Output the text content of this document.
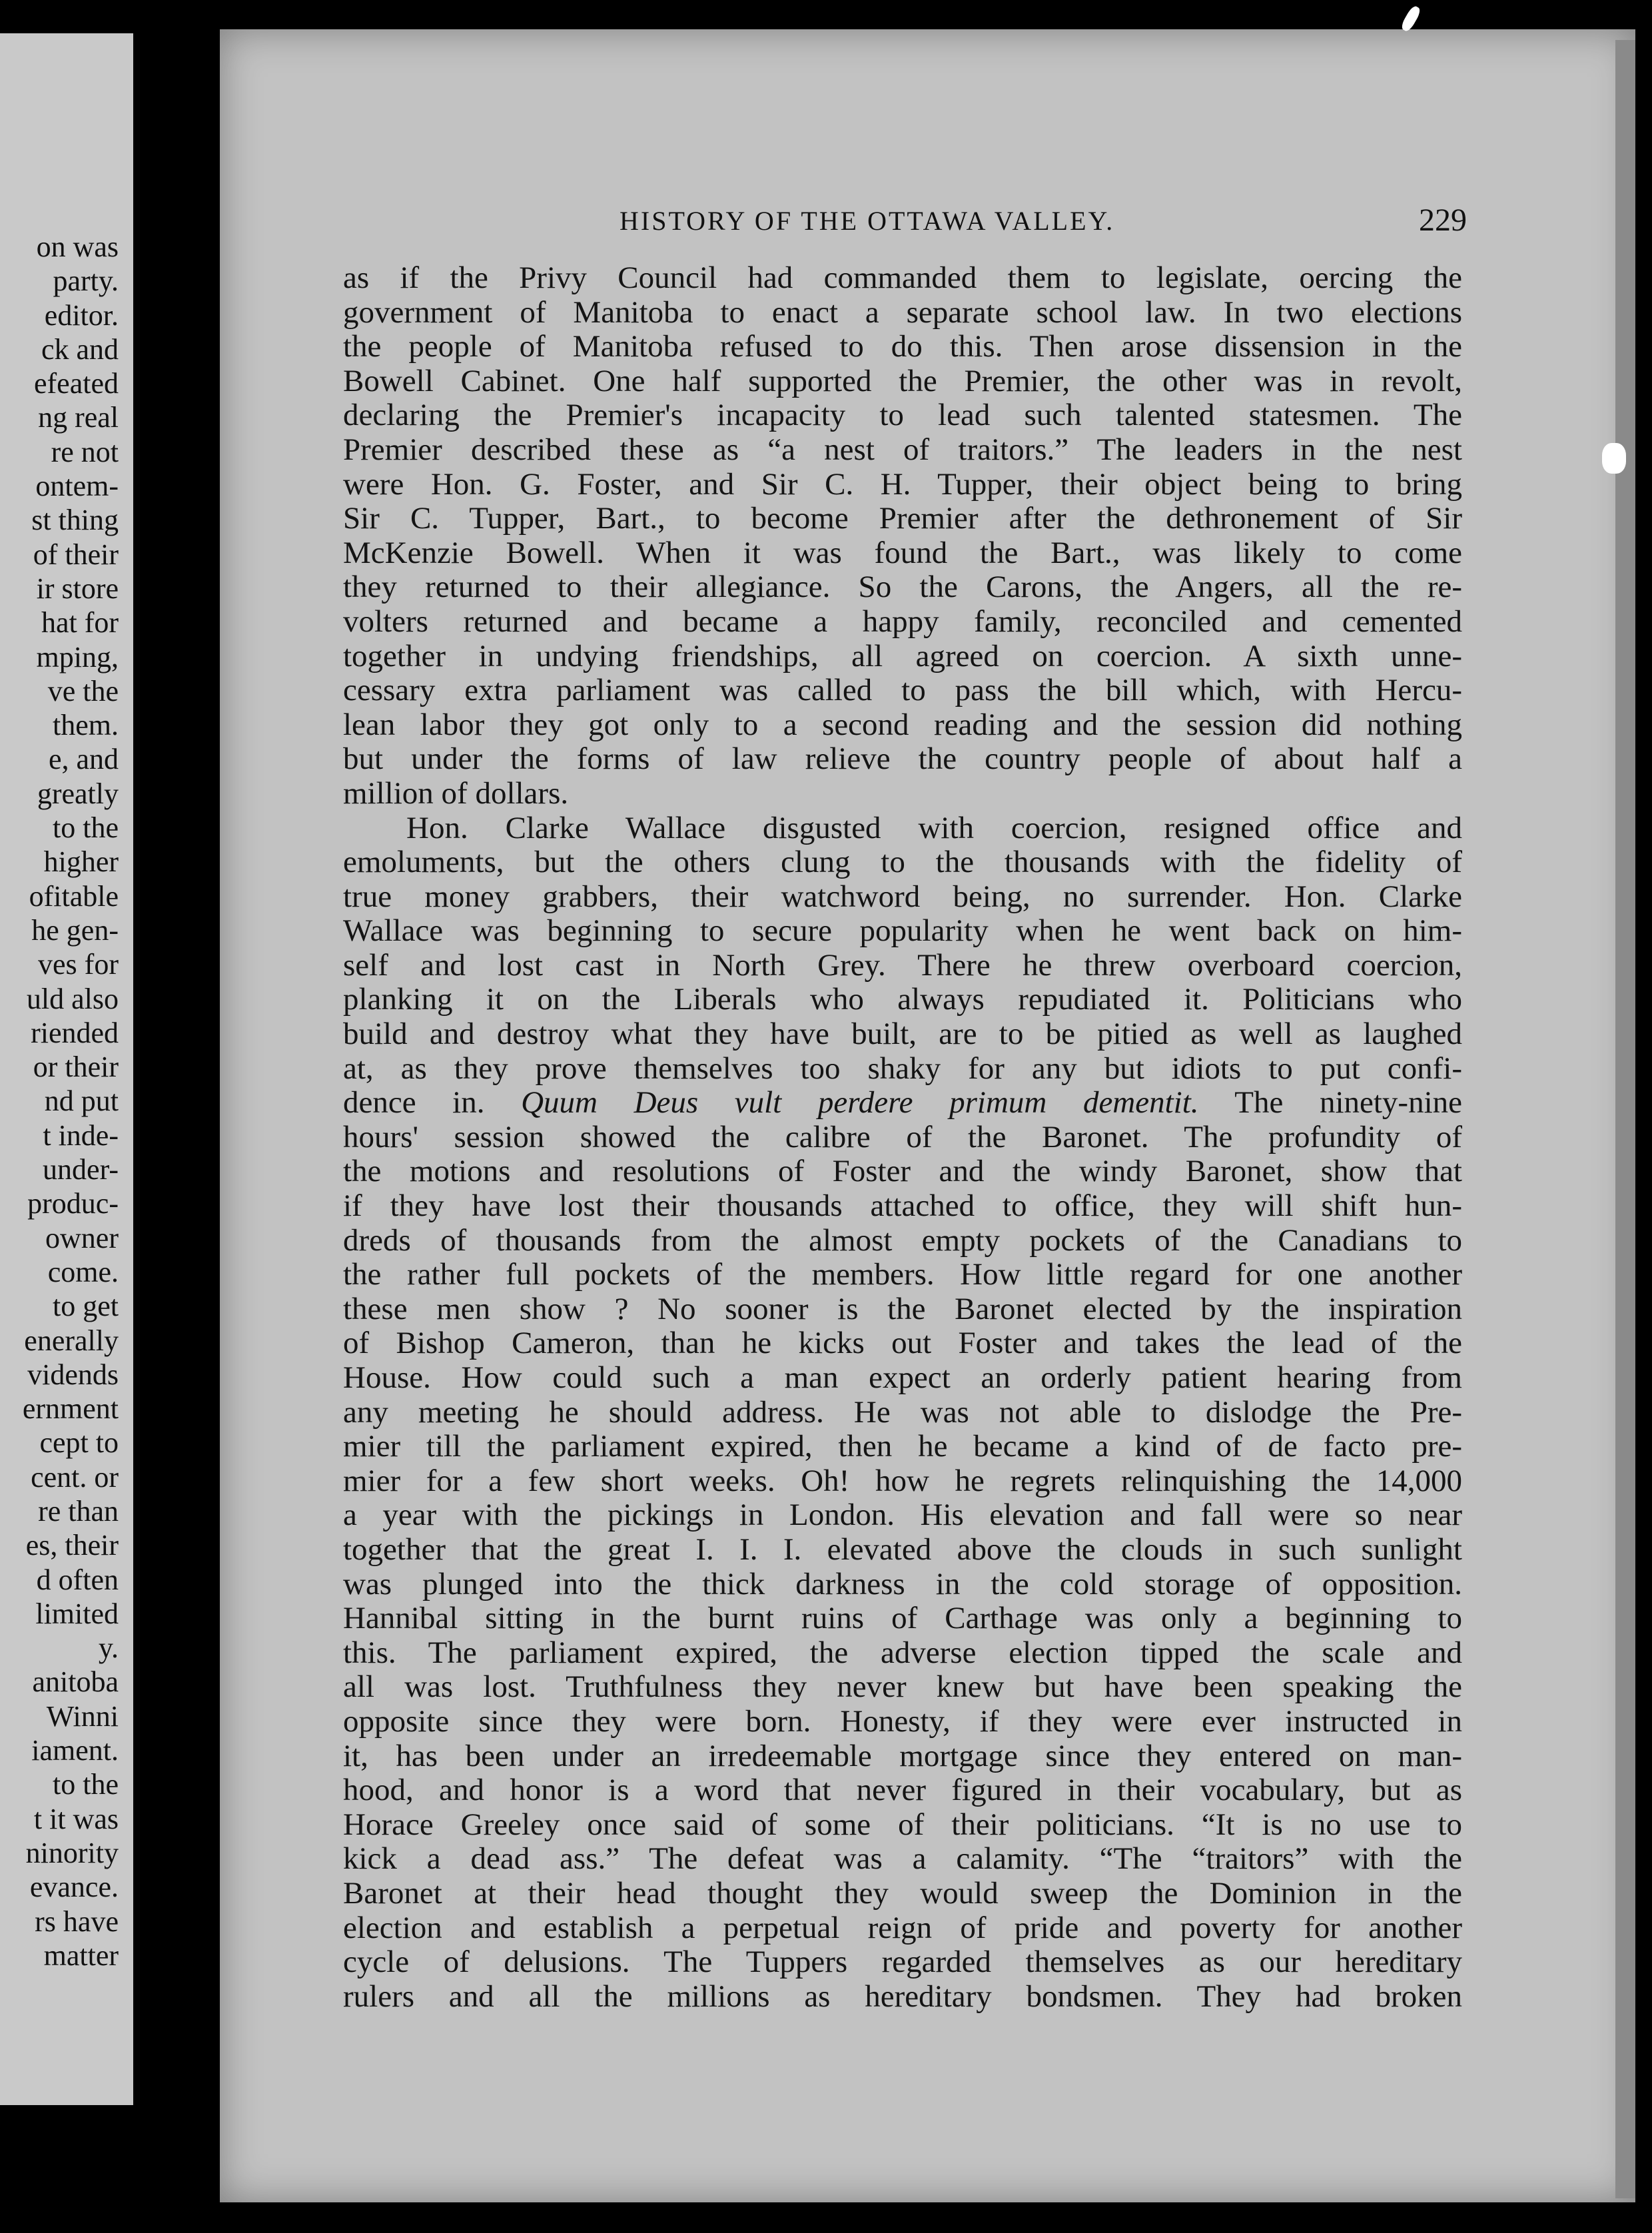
on was
party.
editor.
ck and
efeated
ng real
re not
ontem-
st thing
of their
ir store
hat for
mping,
ve the
them.
e, and
greatly
to the
higher
ofitable
he gen-
ves for
uld also
riended
or their
nd put
t inde-
under-
produc-
owner
come.
to get
enerally
vidends
ernment
cept to
cent. or
re than
es, their
d often
limited
y.
anitoba
Winni
iament.
to the
t it was
ninority
evance.
rs have
matter
HISTORY OF THE OTTAWA VALLEY.	229
as if the Privy Council had commanded them to legislate, oercing the
government of Manitoba to enact a separate school law. In two elections
the people of Manitoba refused to do this. Then arose dissension in the
Bowell Cabinet. One half supported the Premier, the other was in revolt,
declaring the Premier's incapacity to lead such talented statesmen. The
Premier described these as “a nest of traitors.” The leaders in the nest
were Hon. G. Foster, and Sir C. H. Tupper, their object being to bring
Sir C. Tupper, Bart., to become Premier after the dethronement of Sir
McKenzie Bowell. When it was found the Bart., was likely to come
they returned to their allegiance. So the Carons, the Angers, all the re-
volters returned and became a happy family, reconciled and cemented
together in undying friendships, all agreed on coercion. A sixth unne-
cessary extra parliament was called to pass the bill which, with Hercu-
lean labor they got only to a second reading and the session did nothing
but under the forms of law relieve the country people of about half a
million of dollars.
Hon. Clarke Wallace disgusted with coercion, resigned office and
emoluments, but the others clung to the thousands with the fidelity of
true money grabbers, their watchword being, no surrender. Hon. Clarke
Wallace was beginning to secure popularity when he went back on him-
self and lost cast in North Grey. There he threw overboard coercion,
planking it on the Liberals who always repudiated it. Politicians who
build and destroy what they have built, are to be pitied as well as laughed
at, as they prove themselves too shaky for any but idiots to put confi-
dence in. Quum Deus vult perdere primum dementit. The ninety-nine
hours' session showed the calibre of the Baronet. The profundity of
the motions and resolutions of Foster and the windy Baronet, show that
if they have lost their thousands attached to office, they will shift hun-
dreds of thousands from the almost empty pockets of the Canadians to
the rather full pockets of the members. How little regard for one another
these men show ? No sooner is the Baronet elected by the inspiration
of Bishop Cameron, than he kicks out Foster and takes the lead of the
House. How could such a man expect an orderly patient hearing from
any meeting he should address. He was not able to dislodge the Pre-
mier till the parliament expired, then he became a kind of de facto pre-
mier for a few short weeks. Oh! how he regrets relinquishing the 14,000
a year with the pickings in London. His elevation and fall were so near
together that the great I. I. I. elevated above the clouds in such sunlight
was plunged into the thick darkness in the cold storage of opposition.
Hannibal sitting in the burnt ruins of Carthage was only a beginning to
this. The parliament expired, the adverse election tipped the scale and
all was lost. Truthfulness they never knew but have been speaking the
opposite since they were born. Honesty, if they were ever instructed in
it, has been under an irredeemable mortgage since they entered on man-
hood, and honor is a word that never figured in their vocabulary, but as
Horace Greeley once said of some of their politicians. “It is no use to
kick a dead ass.” The defeat was a calamity. “The “traitors” with the
Baronet at their head thought they would sweep the Dominion in the
election and establish a perpetual reign of pride and poverty for another
cycle of delusions. The Tuppers regarded themselves as our hereditary
rulers and all the millions as hereditary bondsmen. They had broken
